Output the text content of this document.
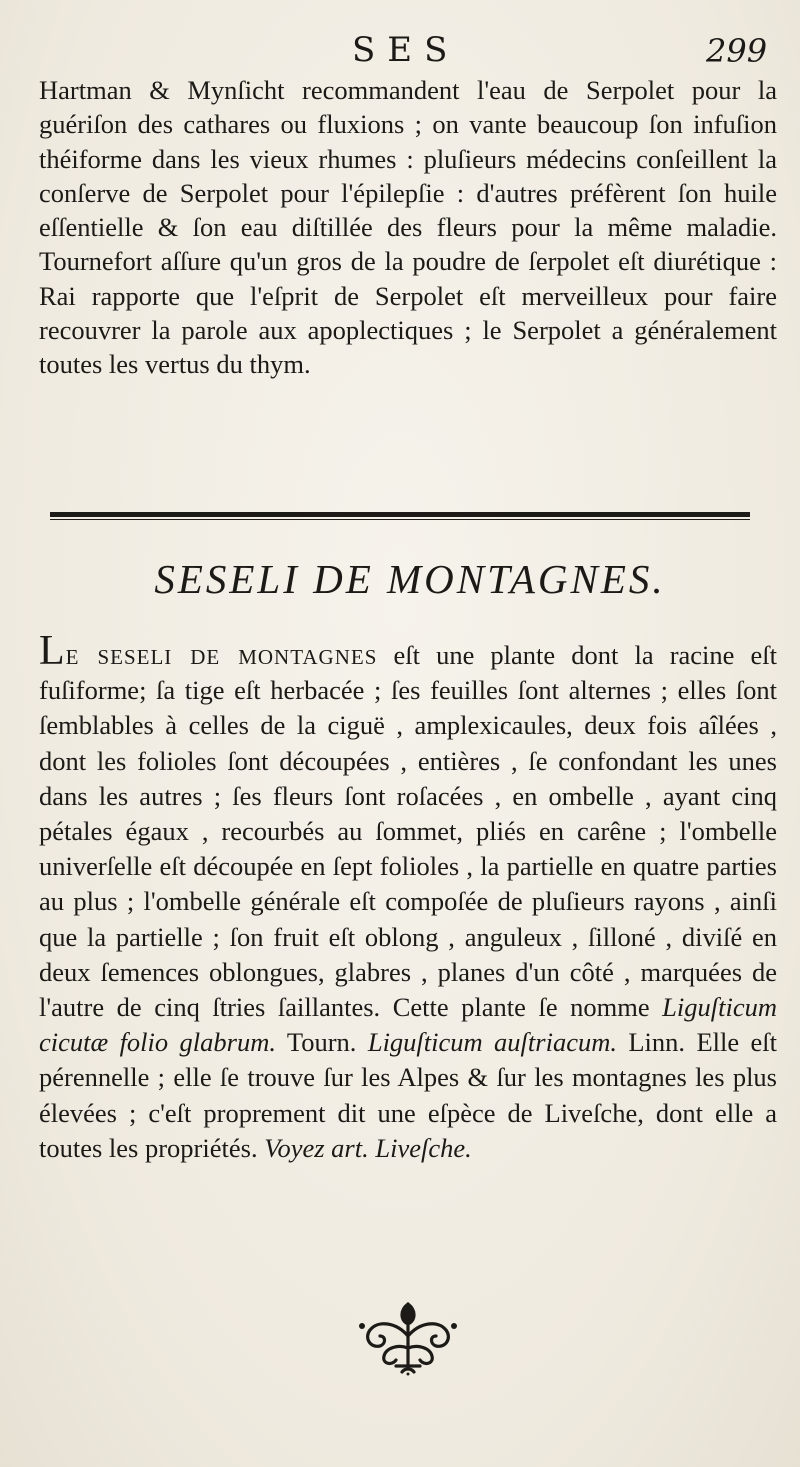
SES	299

Hartman & Mynſicht recommandent l'eau de Serpolet pour la guériſon des cathares ou fluxions ; on vante beaucoup ſon infuſion théiforme dans les vieux rhumes : pluſieurs médecins conſeillent la conſerve de Serpolet pour l'épilepſie : d'autres préfèrent ſon huile eſſentielle & ſon eau diſtillée des fleurs pour la même maladie. Tournefort aſſure qu'un gros de la poudre de ſerpolet eſt diurétique : Rai rapporte que l'eſprit de Serpolet eſt merveilleux pour faire recouvrer la parole aux apoplectiques ; le Serpolet a généralement toutes les vertus du thym.

SESELI DE MONTAGNES.

Le seseli de montagnes eſt une plante dont la racine eſt fuſiforme; ſa tige eſt herbacée ; ſes feuilles ſont alternes ; elles ſont ſemblables à celles de la ciguë , amplexicaules, deux fois aîlées , dont les folioles ſont découpées , entières , ſe confondant les unes dans les autres ; ſes fleurs ſont roſacées , en ombelle , ayant cinq pétales égaux , recourbés au ſommet, pliés en carêne ; l'ombelle univerſelle eſt découpée en ſept folioles , la partielle en quatre parties au plus ; l'ombelle générale eſt compoſée de pluſieurs rayons , ainſi que la partielle ; ſon fruit eſt oblong , anguleux , ſilloné , diviſé en deux ſemences oblongues, glabres , planes d'un côté , marquées de l'autre de cinq ſtries ſaillantes. Cette plante ſe nomme Liguſticum cicutæ folio glabrum. Tourn. Liguſticum auſtriacum. Linn. Elle eſt pérennelle ; elle ſe trouve ſur les Alpes & ſur les montagnes les plus élevées ; c'eſt proprement dit une eſpèce de Liveſche, dont elle a toutes les propriétés. Voyez art. Liveſche.
